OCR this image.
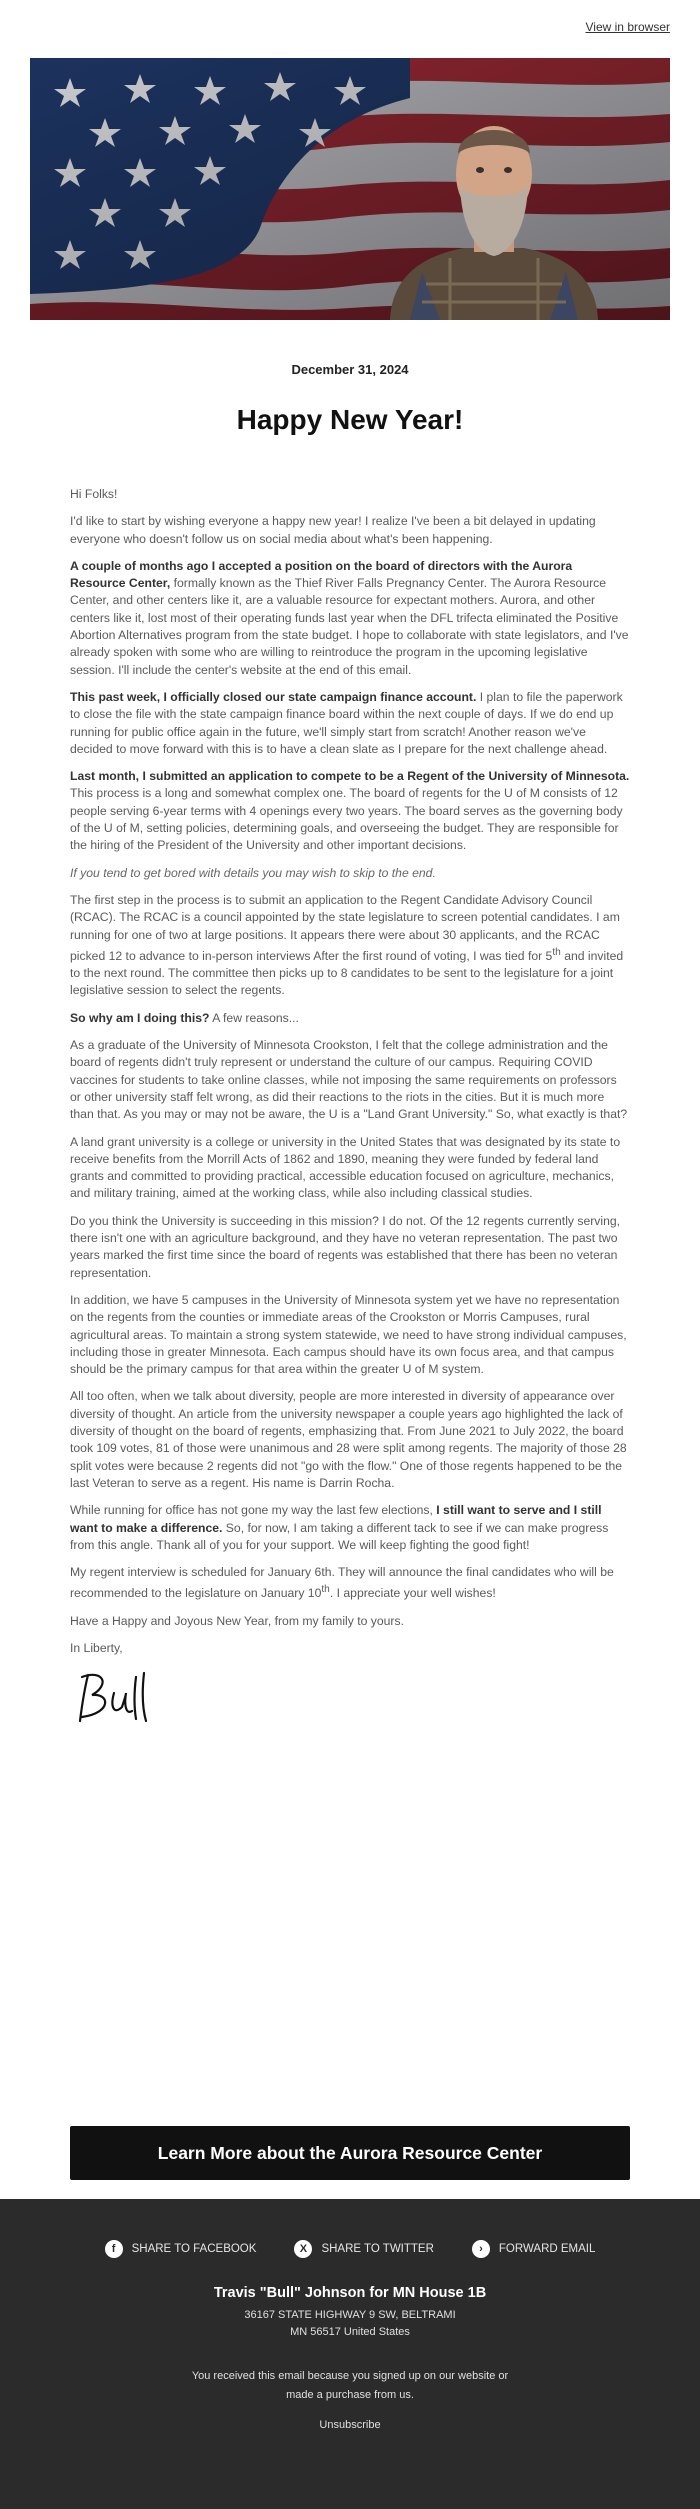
View in browser
December 31, 2024
Happy New Year!

Hi Folks!

I'd like to start by wishing everyone a happy new year! I realize I've been a bit delayed in updating everyone who doesn't follow us on social media about what's been happening.

A couple of months ago I accepted a position on the board of directors with the Aurora Resource Center, formally known as the Thief River Falls Pregnancy Center. The Aurora Resource Center, and other centers like it, are a valuable resource for expectant mothers. Aurora, and other centers like it, lost most of their operating funds last year when the DFL trifecta eliminated the Positive Abortion Alternatives program from the state budget. I hope to collaborate with state legislators, and I've already spoken with some who are willing to reintroduce the program in the upcoming legislative session. I'll include the center's website at the end of this email.

This past week, I officially closed our state campaign finance account. I plan to file the paperwork to close the file with the state campaign finance board within the next couple of days. If we do end up running for public office again in the future, we'll simply start from scratch! Another reason we've decided to move forward with this is to have a clean slate as I prepare for the next challenge ahead.

Last month, I submitted an application to compete to be a Regent of the University of Minnesota. This process is a long and somewhat complex one. The board of regents for the U of M consists of 12 people serving 6-year terms with 4 openings every two years. The board serves as the governing body of the U of M, setting policies, determining goals, and overseeing the budget. They are responsible for the hiring of the President of the University and other important decisions.

If you tend to get bored with details you may wish to skip to the end.

The first step in the process is to submit an application to the Regent Candidate Advisory Council (RCAC). The RCAC is a council appointed by the state legislature to screen potential candidates. I am running for one of two at large positions. It appears there were about 30 applicants, and the RCAC picked 12 to advance to in-person interviews After the first round of voting, I was tied for 5th and invited to the next round. The committee then picks up to 8 candidates to be sent to the legislature for a joint legislative session to select the regents.

So why am I doing this? A few reasons...

As a graduate of the University of Minnesota Crookston, I felt that the college administration and the board of regents didn't truly represent or understand the culture of our campus. Requiring COVID vaccines for students to take online classes, while not imposing the same requirements on professors or other university staff felt wrong, as did their reactions to the riots in the cities. But it is much more than that. As you may or may not be aware, the U is a "Land Grant University." So, what exactly is that?

A land grant university is a college or university in the United States that was designated by its state to receive benefits from the Morrill Acts of 1862 and 1890, meaning they were funded by federal land grants and committed to providing practical, accessible education focused on agriculture, mechanics, and military training, aimed at the working class, while also including classical studies.

Do you think the University is succeeding in this mission? I do not. Of the 12 regents currently serving, there isn't one with an agriculture background, and they have no veteran representation. The past two years marked the first time since the board of regents was established that there has been no veteran representation.

In addition, we have 5 campuses in the University of Minnesota system yet we have no representation on the regents from the counties or immediate areas of the Crookston or Morris Campuses, rural agricultural areas. To maintain a strong system statewide, we need to have strong individual campuses, including those in greater Minnesota. Each campus should have its own focus area, and that campus should be the primary campus for that area within the greater U of M system.

All too often, when we talk about diversity, people are more interested in diversity of appearance over diversity of thought. An article from the university newspaper a couple years ago highlighted the lack of diversity of thought on the board of regents, emphasizing that. From June 2021 to July 2022, the board took 109 votes, 81 of those were unanimous and 28 were split among regents. The majority of those 28 split votes were because 2 regents did not "go with the flow." One of those regents happened to be the last Veteran to serve as a regent. His name is Darrin Rocha.

While running for office has not gone my way the last few elections, I still want to serve and I still want to make a difference. So, for now, I am taking a different tack to see if we can make progress from this angle. Thank all of you for your support. We will keep fighting the good fight!

My regent interview is scheduled for January 6th. They will announce the final candidates who will be recommended to the legislature on January 10th. I appreciate your well wishes!

Have a Happy and Joyous New Year, from my family to yours.

In Liberty,

Learn More about the Aurora Resource Center
f	SHARE TO FACEBOOK	X	SHARE TO TWITTER	›	FORWARD EMAIL
Travis "Bull" Johnson for MN House 1B
36167 STATE HIGHWAY 9 SW, BELTRAMI
MN 56517 United States
You received this email because you signed up on our website or
made a purchase from us.
Unsubscribe
